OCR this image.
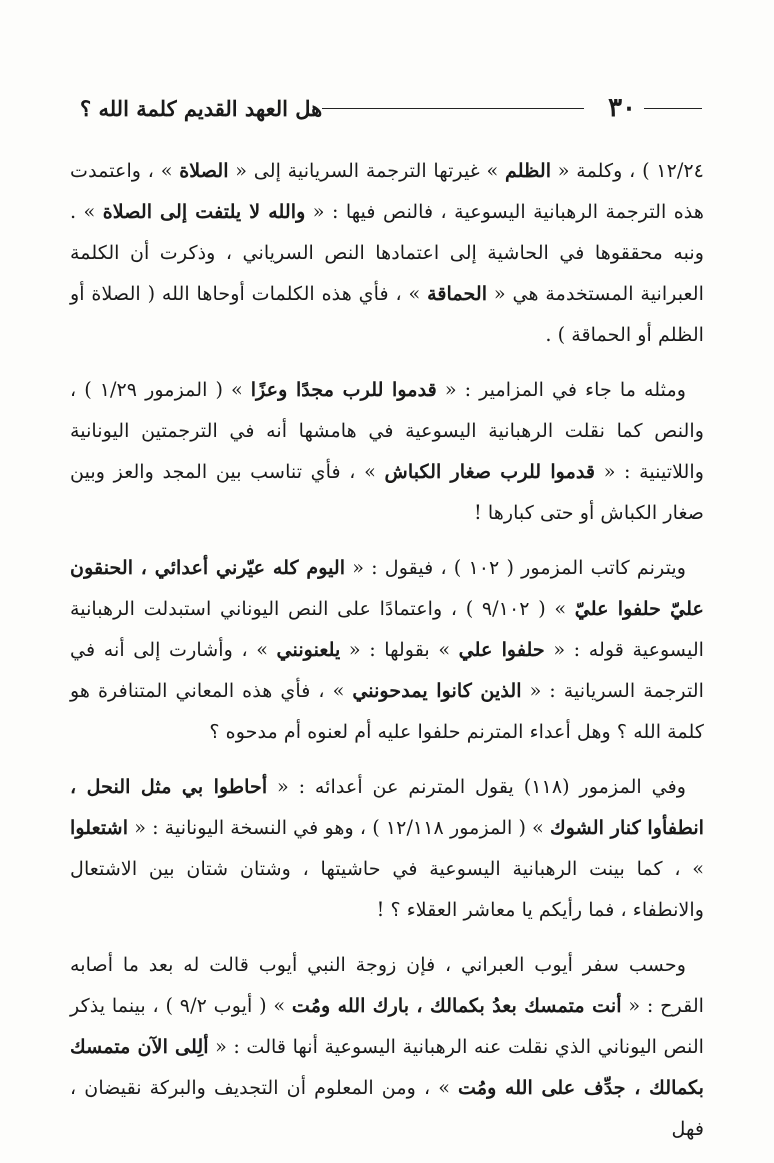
٣٠
هل العهد القديم كلمة الله ؟

١٢/٢٤ ) ، وكلمة « الظلم » غيرتها الترجمة السريانية إلى « الصلاة » ، واعتمدت هذه الترجمة الرهبانية اليسوعية ، فالنص فيها : « والله لا يلتفت إلى الصلاة » . ونبه محققوها في الحاشية إلى اعتمادها النص السرياني ، وذكرت أن الكلمة العبرانية المستخدمة هي « الحماقة » ، فأي هذه الكلمات أوحاها الله ( الصلاة أو الظلم أو الحماقة ) .

ومثله ما جاء في المزامير : « قدموا للرب مجدًا وعزًا » ( المزمور ١/٢٩ ) ، والنص كما نقلت الرهبانية اليسوعية في هامشها أنه في الترجمتين اليونانية واللاتينية : « قدموا للرب صغار الكباش » ، فأي تناسب بين المجد والعز وبين صغار الكباش أو حتى كبارها !

ويترنم كاتب المزمور ( ١٠٢ ) ، فيقول : « اليوم كله عيّرني أعدائي ، الحنقون عليّ حلفوا عليّ » ( ٩/١٠٢ ) ، واعتمادًا على النص اليوناني استبدلت الرهبانية اليسوعية قوله : « حلفوا علي » بقولها : « يلعنونني » ، وأشارت إلى أنه في الترجمة السريانية : « الذين كانوا يمدحونني » ، فأي هذه المعاني المتنافرة هو كلمة الله ؟ وهل أعداء المترنم حلفوا عليه أم لعنوه أم مدحوه ؟

وفي المزمور (١١٨) يقول المترنم عن أعدائه : « أحاطوا بي مثل النحل ، انطفأوا كنار الشوك » ( المزمور ١٢/١١٨ ) ، وهو في النسخة اليونانية : « اشتعلوا » ، كما بينت الرهبانية اليسوعية في حاشيتها ، وشتان شتان بين الاشتعال والانطفاء ، فما رأيكم يا معاشر العقلاء ؟ !

وحسب سفر أيوب العبراني ، فإن زوجة النبي أيوب قالت له بعد ما أصابه القرح : « أنت متمسك بعدُ بكمالك ، بارك الله ومُت » ( أيوب ٩/٢ ) ، بينما يذكر النص اليوناني الذي نقلت عنه الرهبانية اليسوعية أنها قالت : « ألِلى الآن متمسك بكمالك ، جدِّف على الله ومُت » ، ومن المعلوم أن التجديف والبركة نقيضان ، فهل
